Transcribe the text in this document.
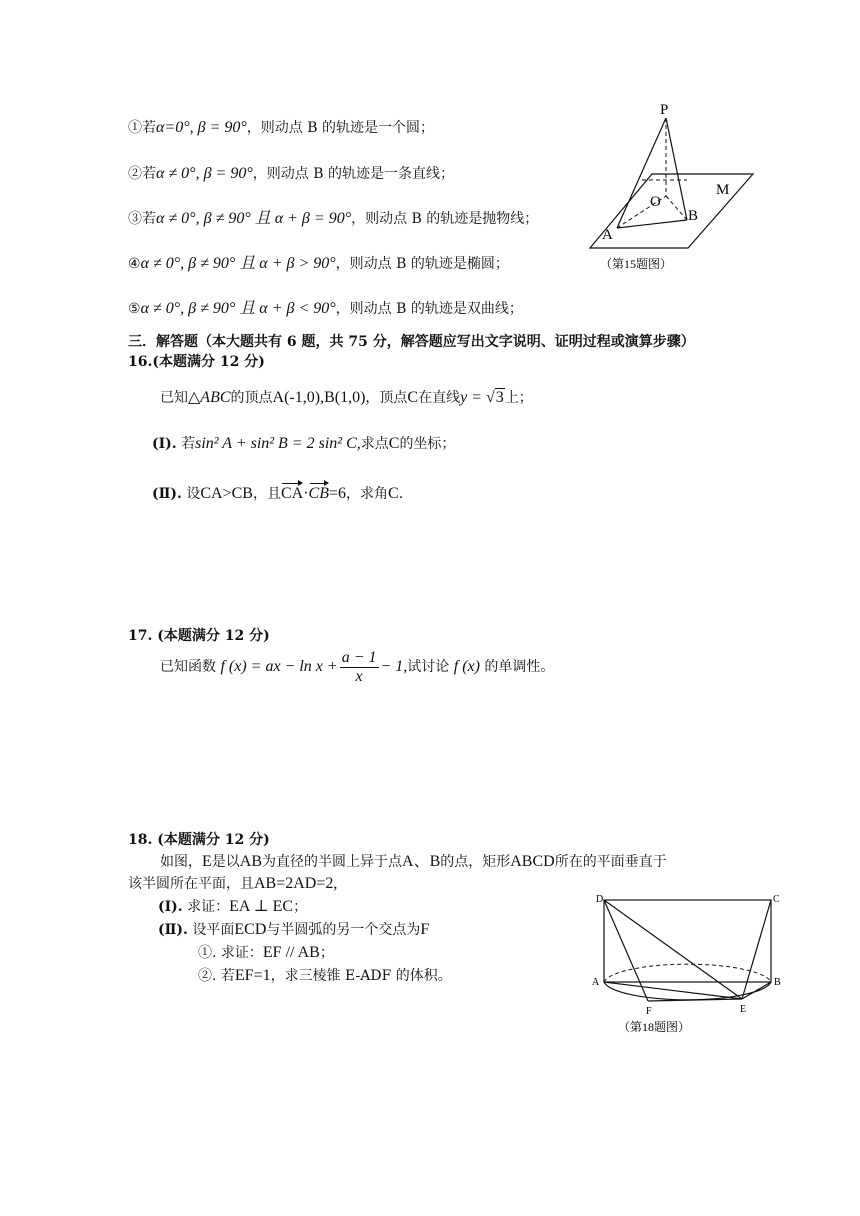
①若α=0°, β = 90°，则动点 B 的轨迹是一个圆；
②若α ≠ 0°, β = 90°，则动点 B 的轨迹是一条直线；
③若α ≠ 0°, β ≠ 90° 且 α + β = 90°，则动点 B 的轨迹是抛物线；
④α ≠ 0°, β ≠ 90° 且 α + β > 90°，则动点 B 的轨迹是椭圆；
⑤α ≠ 0°, β ≠ 90° 且 α + β < 90°，则动点 B 的轨迹是双曲线；
P
M
O
B
A
（第15题图）
三．解答题（本大题共有 6 题，共 75 分，解答题应写出文字说明、证明过程或演算步骤）
16.(本题满分 12 分)
已知△ABC的顶点A(-1,0),B(1,0)，顶点C在直线y = √3上；
(Ⅰ). 若sin² A + sin² B = 2 sin² C,求点C的坐标；
(Ⅱ). 设CA>CB，且CA·CB=6，求角C.
17. (本题满分 12 分)
已知函数 f (x) = ax − $\ln x + \frac{a - 1}{x} - 1$,试讨论 f (x) 的单调性。
18. (本题满分 12 分)
如图，E是以AB为直径的半圆上异于点A、B的点，矩形ABCD所在的平面垂直于
该半圆所在平面，且AB=2AD=2,
(Ⅰ). 求证：EA ⊥ EC；
(Ⅱ). 设平面ECD与半圆弧的另一个交点为F
①. 求证：EF // AB；
②. 若EF=1，求三棱锥 E-ADF 的体积。
D	C
A	B
F	E
（第18题图）
